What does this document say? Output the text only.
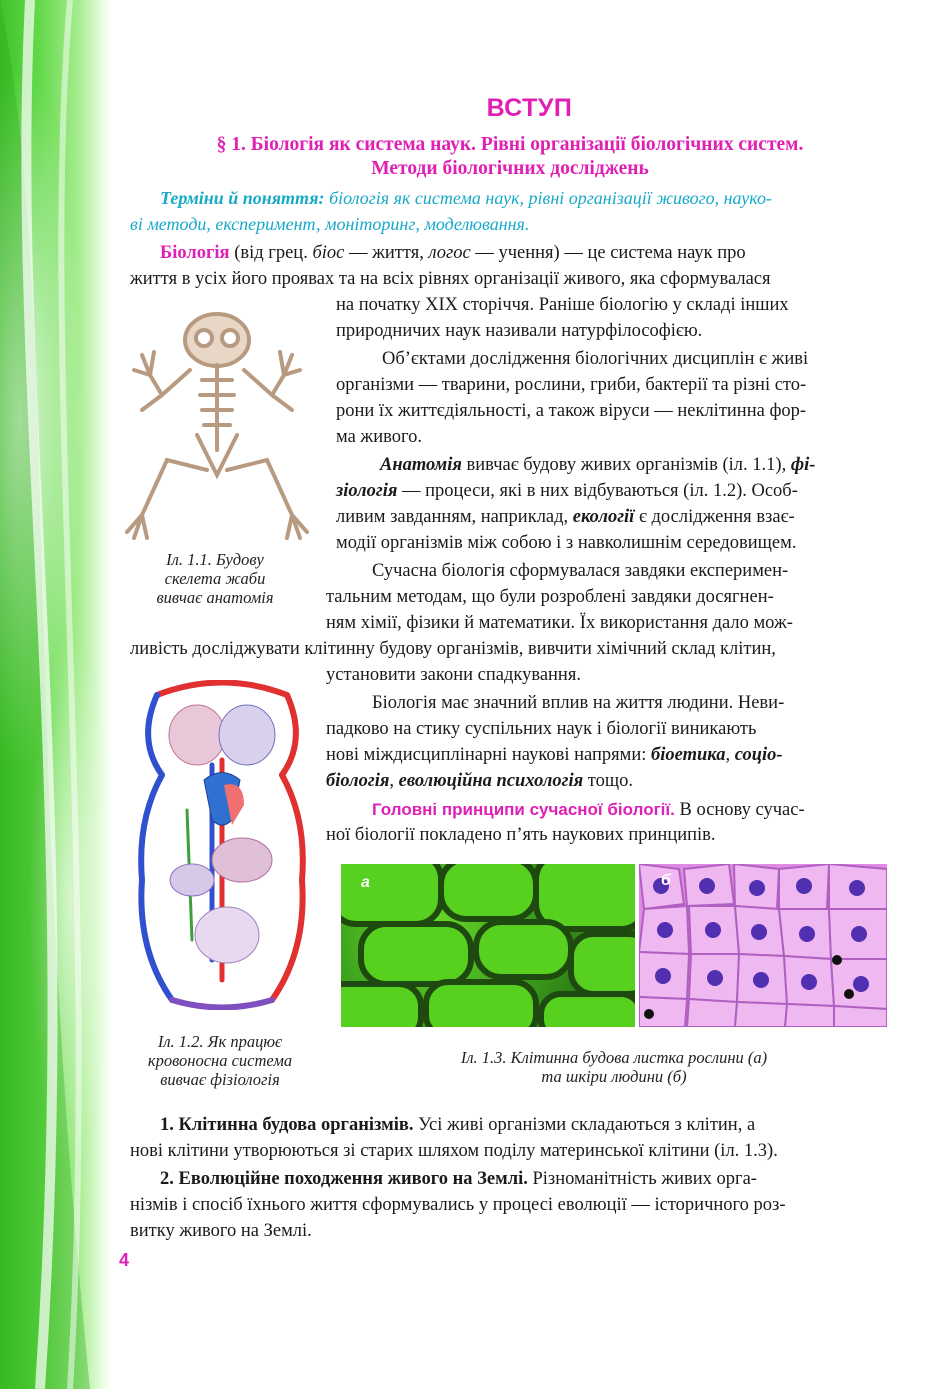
ВСТУП
§ 1. Біологія як система наук. Рівні організації біологічних систем.
Методи біологічних досліджень
Терміни й поняття: біологія як система наук, рівні організації живого, науко-
ві методи, експеримент, моніторинг, моделювання.
Біологія (від грец. біос — життя, логос — учення) — це система наук про
життя в усіх його проявах та на всіх рівнях організації живого, яка сформувалася
на початку XIX сторіччя. Раніше біологію у складі інших
природничих наук називали натурфілософією.
Іл. 1.1. Будову
скелета жаби
вивчає анатомія
Об’єктами дослідження біологічних дисциплін є живі
організми — тварини, рослини, гриби, бактерії та різні сто-
рони їх життєдіяльності, а також віруси — неклітинна фор-
ма живого.
Анатомія вивчає будову живих організмів (іл. 1.1), фі-
зіологія — процеси, які в них відбуваються (іл. 1.2). Особ-
ливим завданням, наприклад, екології є дослідження взає-
модії організмів між собою і з навколишнім середовищем.
Сучасна біологія сформувалася завдяки експеримен-
тальним методам, що були розроблені завдяки досягнен-
ням хімії, фізики й математики. Їх використання дало мож-
ливість досліджувати клітинну будову організмів, вивчити хімічний склад клітин,
установити закони спадкування.
Іл. 1.2. Як працює
кровоносна система
вивчає фізіологія
Біологія має значний вплив на життя людини. Неви-
падково на стику суспільних наук і біології виникають
нові міждисциплінарні наукові напрями: біоетика, соціо-
біологія, еволюційна психологія тощо.
Головні принципи сучасної біології. В основу сучас-
ної біології покладено п’ять наукових принципів.
а	б
Іл. 1.3. Клітинна будова листка рослини (а)
та шкіри людини (б)
1. Клітинна будова організмів. Усі живі організми складаються з клітин, а
нові клітини утворюються зі старих шляхом поділу материнської клітини (іл. 1.3).
2. Еволюційне походження живого на Землі. Різноманітність живих орга-
нізмів і спосіб їхнього життя сформувались у процесі еволюції — історичного роз-
витку живого на Землі.
4
